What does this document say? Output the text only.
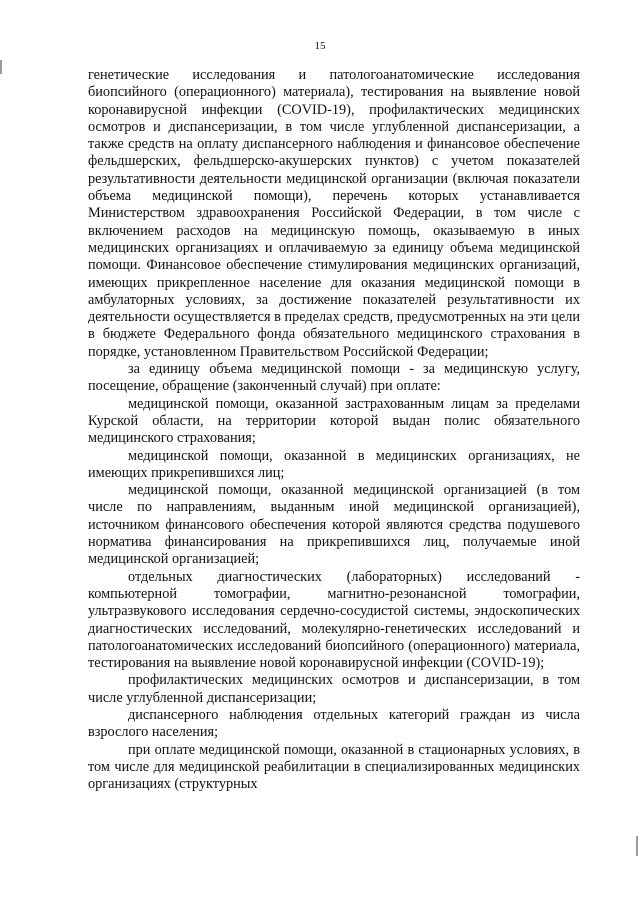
15

генетические исследования и патологоанатомические исследования биопсийного (операционного) материала), тестирования на выявление новой коронавирусной инфекции (COVID-19), профилактических медицинских осмотров и диспансеризации, в том числе углубленной диспансеризации, а также средств на оплату диспансерного наблюдения и финансовое обеспечение фельдшерских, фельдшерско-акушерских пунктов) с учетом показателей результативности деятельности медицинской организации (включая показатели объема медицинской помощи), перечень которых устанавливается Министерством здравоохранения Российской Федерации, в том числе с включением расходов на медицинскую помощь, оказываемую в иных медицинских организациях и оплачиваемую за единицу объема медицинской помощи. Финансовое обеспечение стимулирования медицинских организаций, имеющих прикрепленное население для оказания медицинской помощи в амбулаторных условиях, за достижение показателей результативности их деятельности осуществляется в пределах средств, предусмотренных на эти цели в бюджете Федерального фонда обязательного медицинского страхования в порядке, установленном Правительством Российской Федерации;

за единицу объема медицинской помощи - за медицинскую услугу, посещение, обращение (законченный случай) при оплате:

медицинской помощи, оказанной застрахованным лицам за пределами Курской области, на территории которой выдан полис обязательного медицинского страхования;

медицинской помощи, оказанной в медицинских организациях, не имеющих прикрепившихся лиц;

медицинской помощи, оказанной медицинской организацией (в том числе по направлениям, выданным иной медицинской организацией), источником финансового обеспечения которой являются средства подушевого норматива финансирования на прикрепившихся лиц, получаемые иной медицинской организацией;

отдельных диагностических (лабораторных) исследований - компьютерной томографии, магнитно-резонансной томографии, ультразвукового исследования сердечно-сосудистой системы, эндоскопических диагностических исследований, молекулярно-генетических исследований и патологоанатомических исследований биопсийного (операционного) материала, тестирования на выявление новой коронавирусной инфекции (COVID-19);

профилактических медицинских осмотров и диспансеризации, в том числе углубленной диспансеризации;

диспансерного наблюдения отдельных категорий граждан из числа взрослого населения;

при оплате медицинской помощи, оказанной в стационарных условиях, в том числе для медицинской реабилитации в специализированных медицинских организациях (структурных
